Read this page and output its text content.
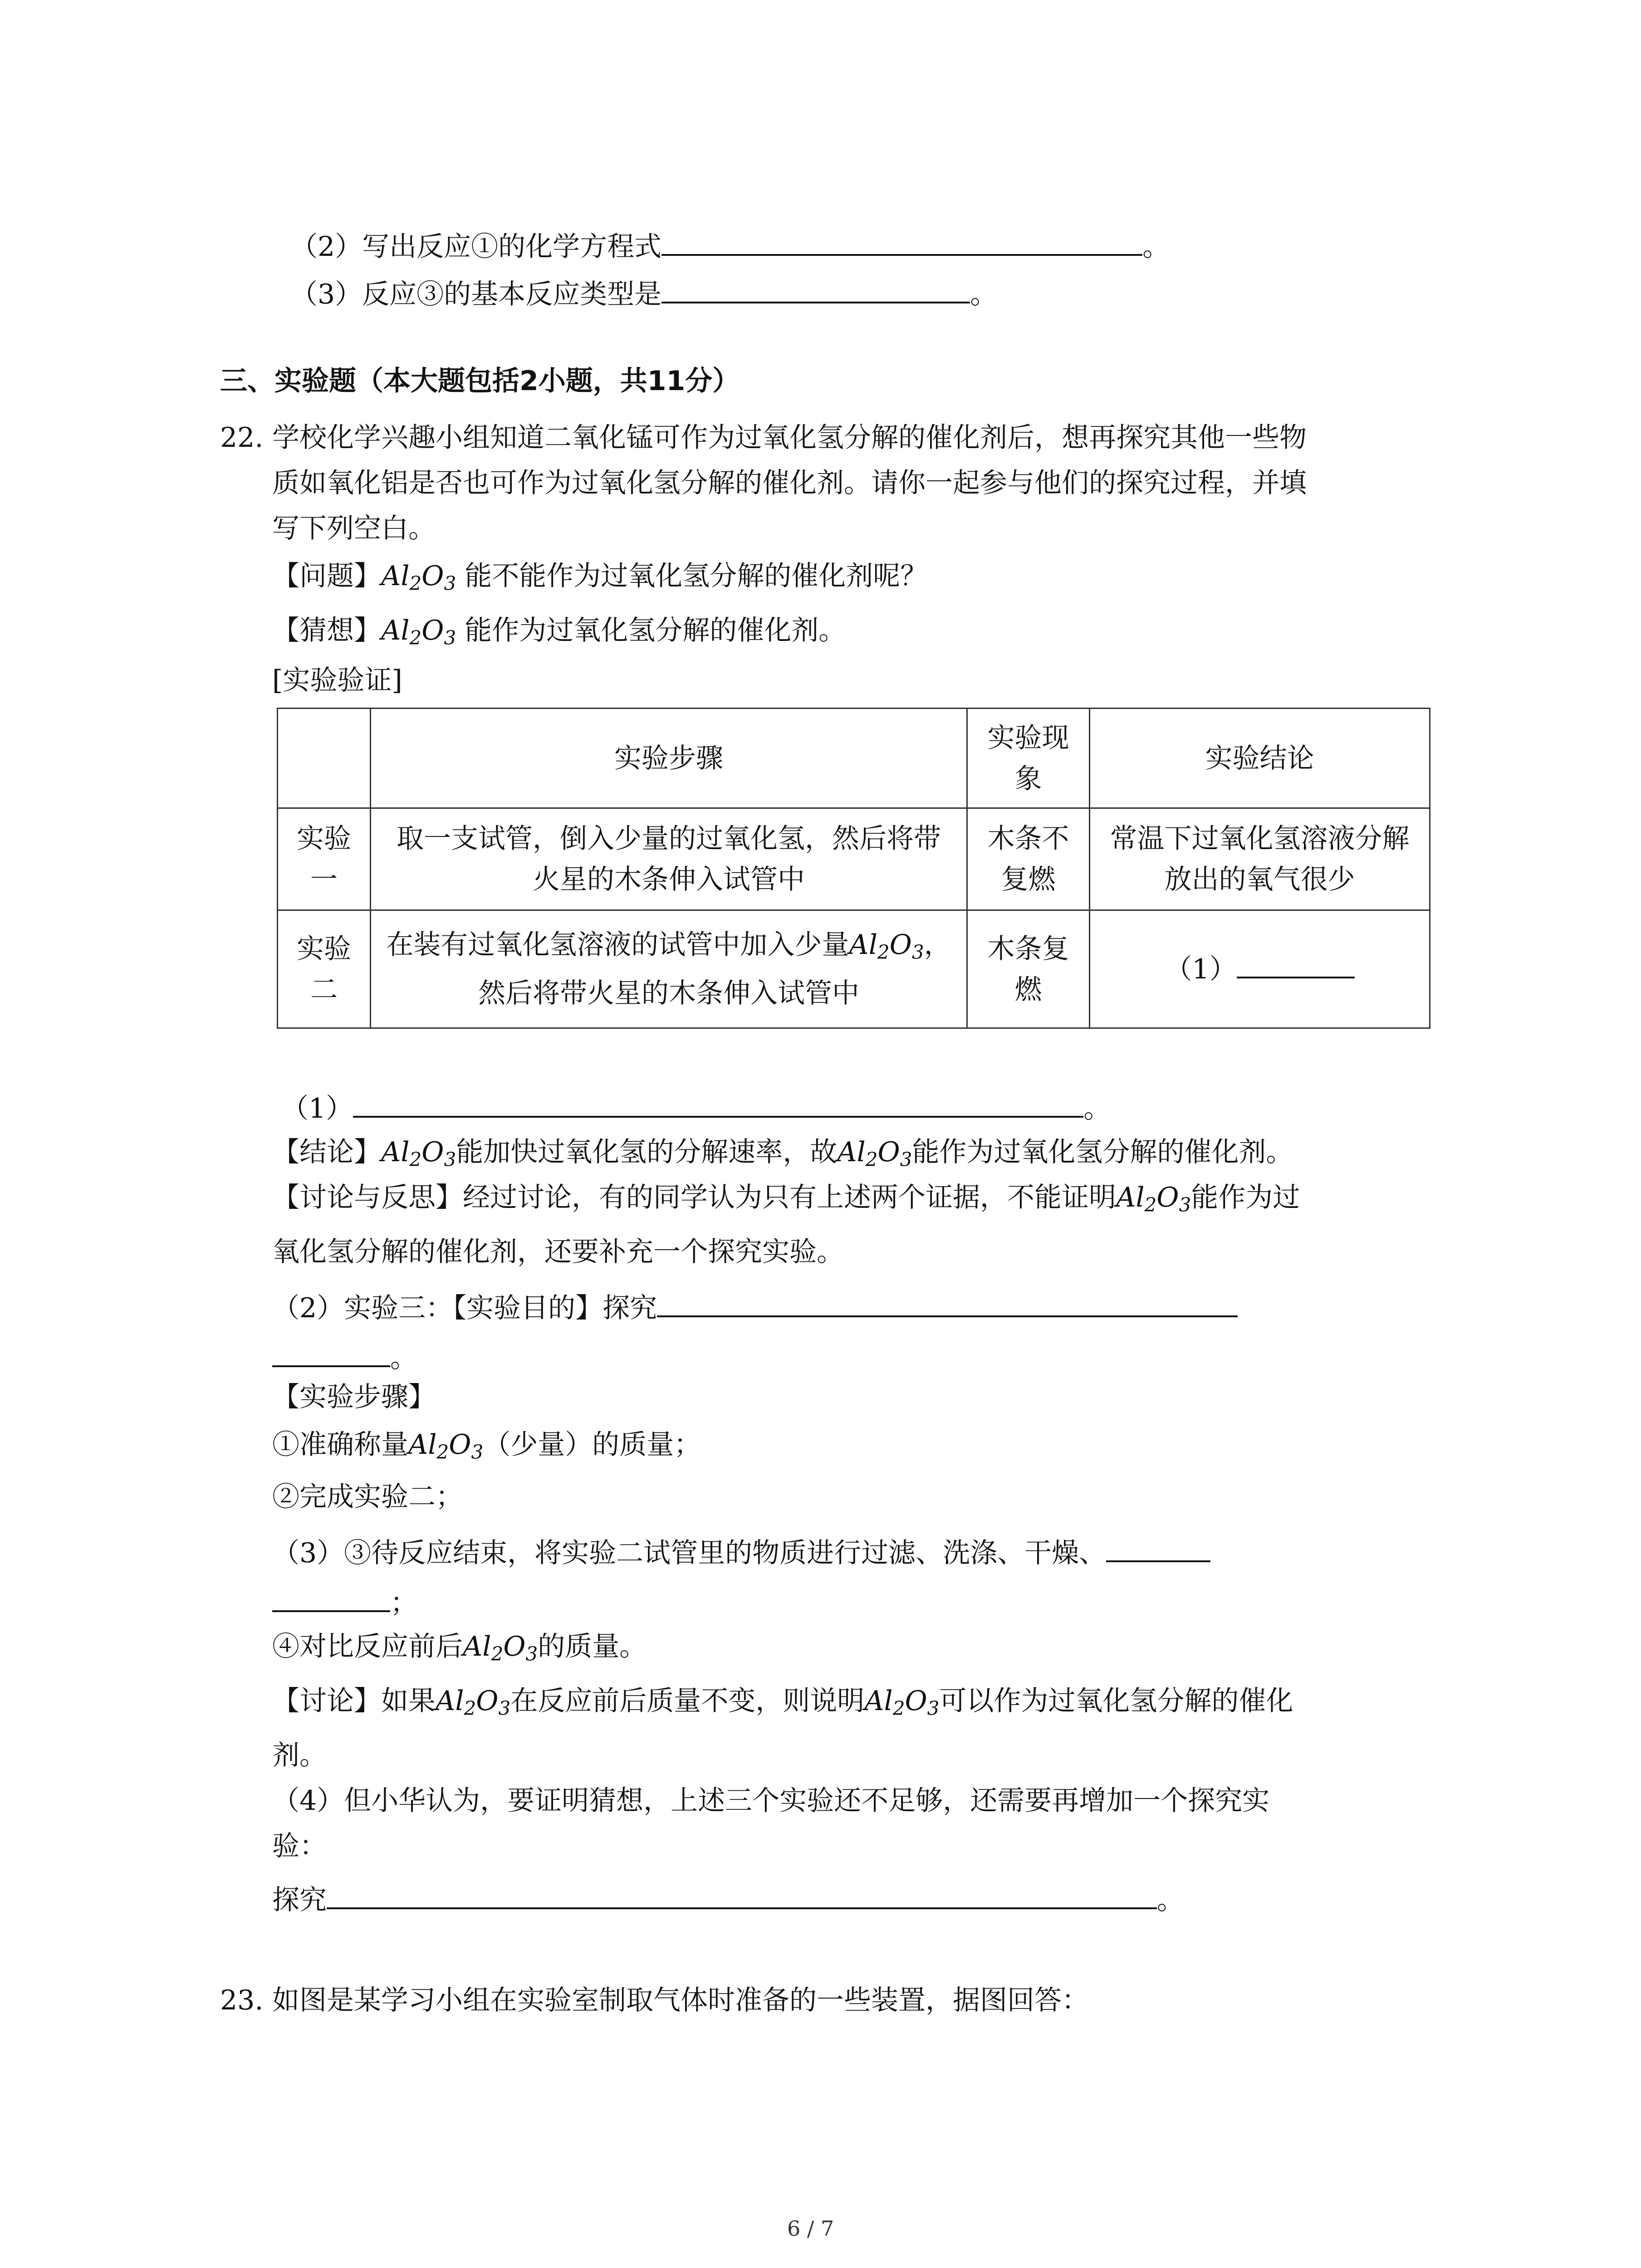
（2）写出反应①的化学方程式	。
（3）反应③的基本反应类型是	。
三、实验题（本大题包括2小题，共11分）
22. 学校化学兴趣小组知道二氧化锰可作为过氧化氢分解的催化剂后，想再探究其他一些物
质如氧化铝是否也可作为过氧化氢分解的催化剂。请你一起参与他们的探究过程，并填
写下列空白。
【问题】$Al_2O_3$ 能不能作为过氧化氢分解的催化剂呢？
【猜想】$Al_2O_3$ 能作为过氧化氢分解的催化剂。
[实验验证]
	实验步骤	实验现象	实验结论
实验一	取一支试管，倒入少量的过氧化氢，然后将带火星的木条伸入试管中	木条不复燃	常温下过氧化氢溶液分解放出的氧气很少
实验二	在装有过氧化氢溶液的试管中加入少量$Al_2O_3$，然后将带火星的木条伸入试管中	木条复燃	（1）
（1）	。
【结论】$Al_2O_3$能加快过氧化氢的分解速率，故$Al_2O_3$能作为过氧化氢分解的催化剂。
【讨论与反思】经过讨论，有的同学认为只有上述两个证据，不能证明$Al_2O_3$能作为过
氧化氢分解的催化剂，还要补充一个探究实验。
（2）实验三：【实验目的】探究
。
【实验步骤】
①准确称量$Al_2O_3$（少量）的质量；
②完成实验二；
（3）③待反应结束，将实验二试管里的物质进行过滤、洗涤、干燥、
；
④对比反应前后$Al_2O_3$的质量。
【讨论】如果$Al_2O_3$在反应前后质量不变，则说明$Al_2O_3$可以作为过氧化氢分解的催化
剂。
（4）但小华认为，要证明猜想，上述三个实验还不足够，还需要再增加一个探究实
验：
探究	。
23. 如图是某学习小组在实验室制取气体时准备的一些装置，据图回答：
6 / 7
